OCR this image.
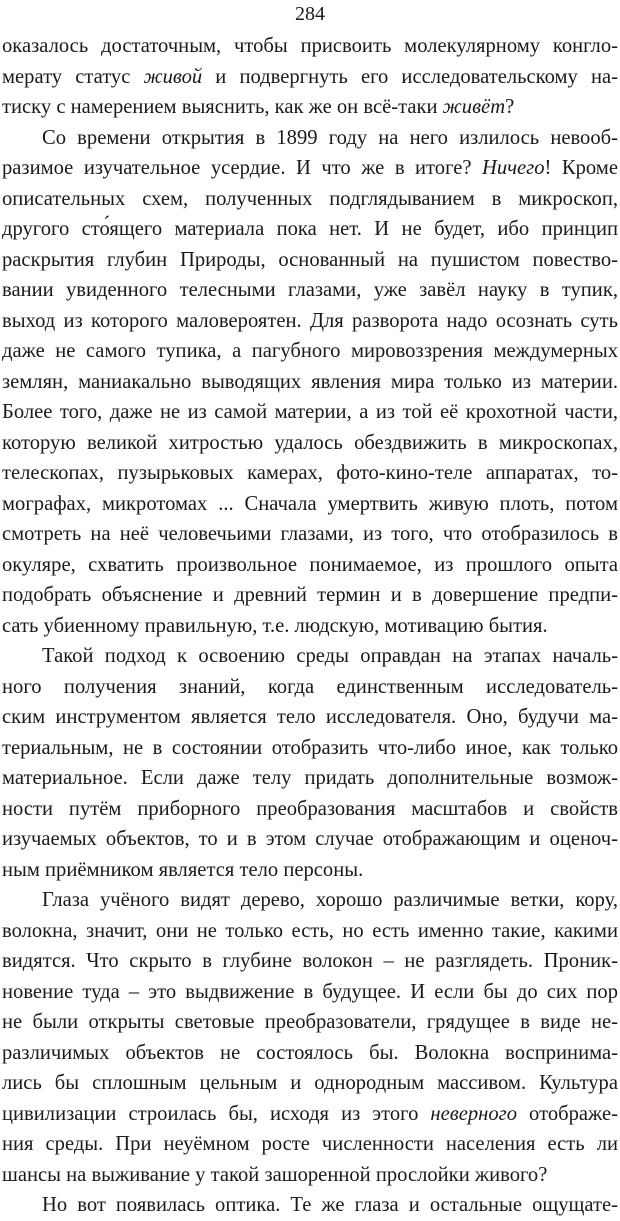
284
оказалось достаточным, чтобы присвоить молекулярному конгло-
мерату статус живой и подвергнуть его исследовательскому на-
тиску с намерением выяснить, как же он всё-таки живёт?
Со времени открытия в 1899 году на него излилось невооб-
разимое изучательное усердие. И что же в итоге? Ничего! Кроме
описательных схем, полученных подглядыванием в микроскоп,
другого сто́ящего материала пока нет. И не будет, ибо принцип
раскрытия глубин Природы, основанный на пушистом повество-
вании увиденного телесными глазами, уже завёл науку в тупик,
выход из которого маловероятен. Для разворота надо осознать суть
даже не самого тупика, а пагубного мировоззрения междумерных
землян, маниакально выводящих явления мира только из материи.
Более того, даже не из самой материи, а из той её крохотной части,
которую великой хитростью удалось обездвижить в микроскопах,
телескопах, пузырьковых камерах, фото-кино-теле аппаратах, то-
мографах, микротомах ... Сначала умертвить живую плоть, потом
смотреть на неё человечьими глазами, из того, что отобразилось в
окуляре, схватить произвольное понимаемое, из прошлого опыта
подобрать объяснение и древний термин и в довершение предпи-
сать убиенному правильную, т.е. людскую, мотивацию бытия.
Такой подход к освоению среды оправдан на этапах началь-
ного получения знаний, когда единственным исследователь-
ским инструментом является тело исследователя. Оно, будучи ма-
териальным, не в состоянии отобразить что-либо иное, как только
материальное. Если даже телу придать дополнительные возмож-
ности путём приборного преобразования масштабов и свойств
изучаемых объектов, то и в этом случае отображающим и оценоч-
ным приёмником является тело персоны.
Глаза учёного видят дерево, хорошо различимые ветки, кору,
волокна, значит, они не только есть, но есть именно такие, какими
видятся. Что скрыто в глубине волокон – не разглядеть. Проник-
новение туда – это выдвижение в будущее. И если бы до сих пор
не были открыты световые преобразователи, грядущее в виде не-
различимых объектов не состоялось бы. Волокна воспринима-
лись бы сплошным цельным и однородным массивом. Культура
цивилизации строилась бы, исходя из этого неверного отображе-
ния среды. При неуёмном росте численности населения есть ли
шансы на выживание у такой зашоренной прослойки живого?
Но вот появилась оптика. Те же глаза и остальные ощущате-
